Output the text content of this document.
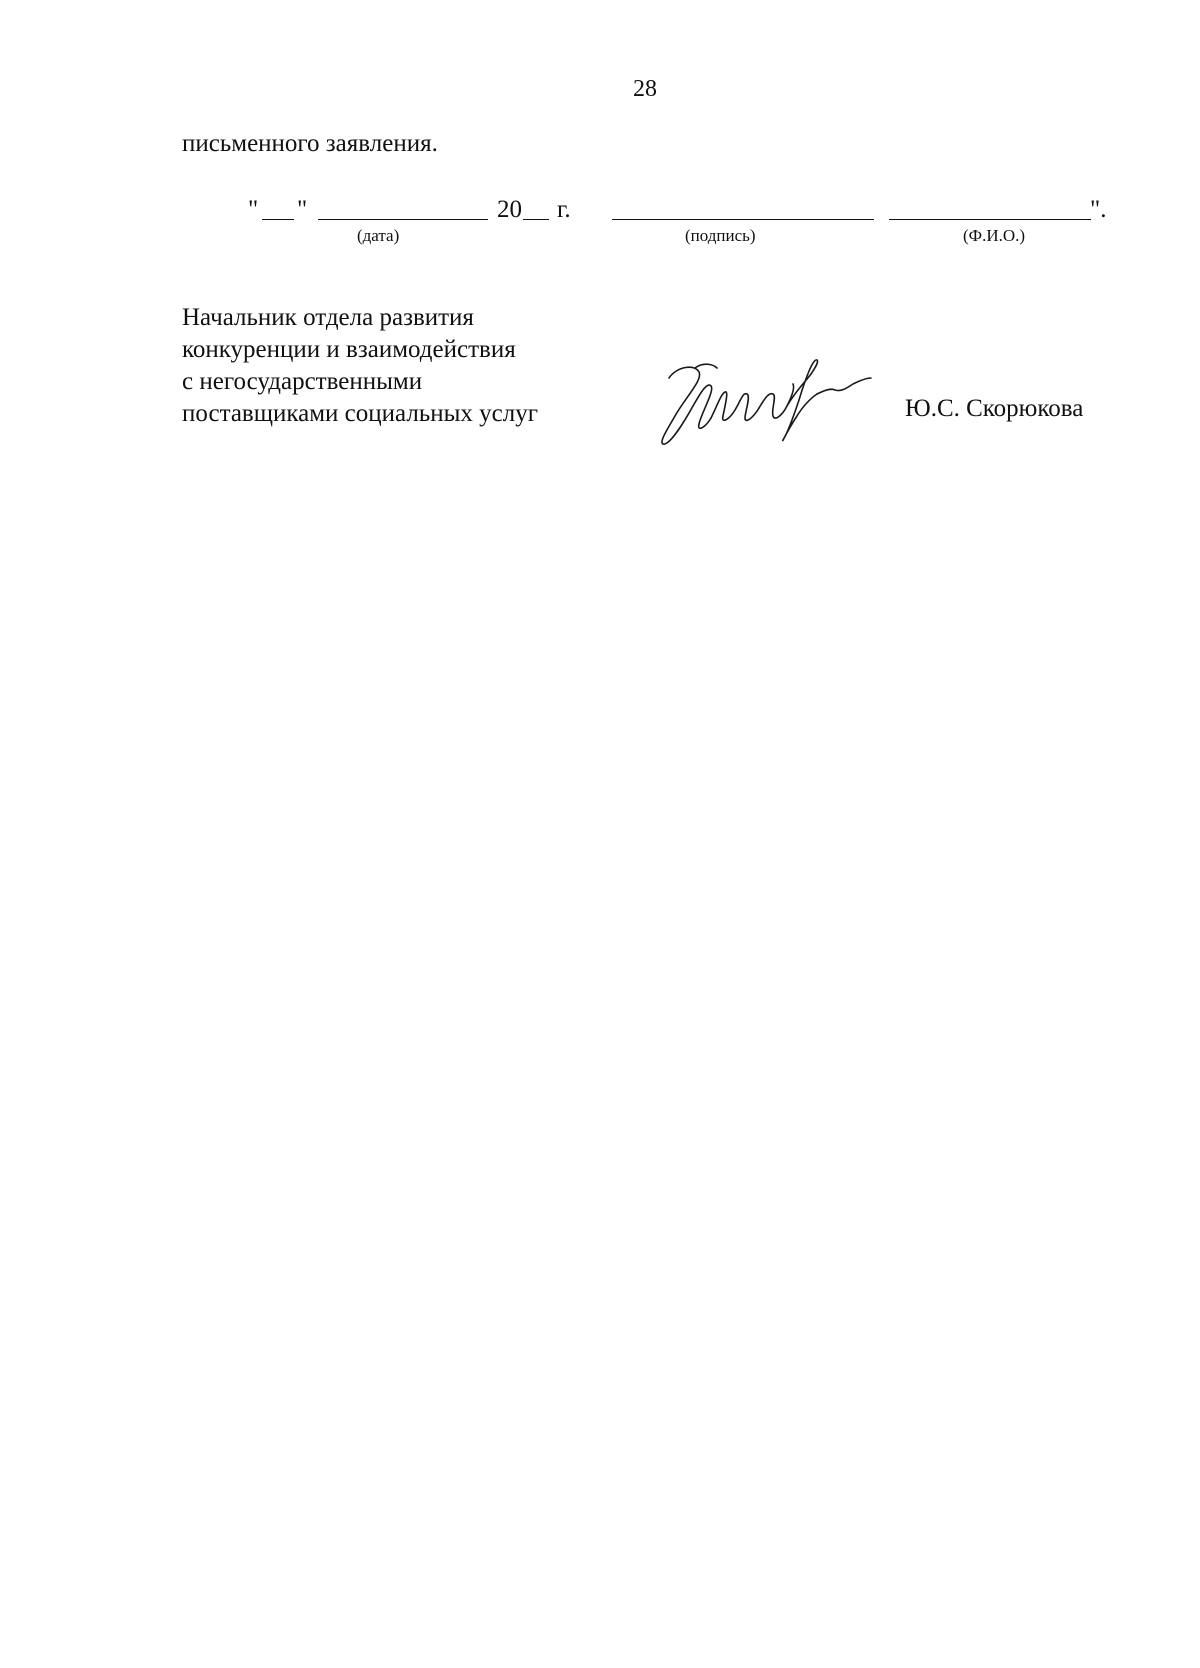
28
письменного заявления.
" "	20 г.	".
(дата)	(подпись)	(Ф.И.О.)
Начальник отдела развития
конкуренции и взаимодействия
с негосударственными
поставщиками социальных услуг	Ю.С. Скорюкова
